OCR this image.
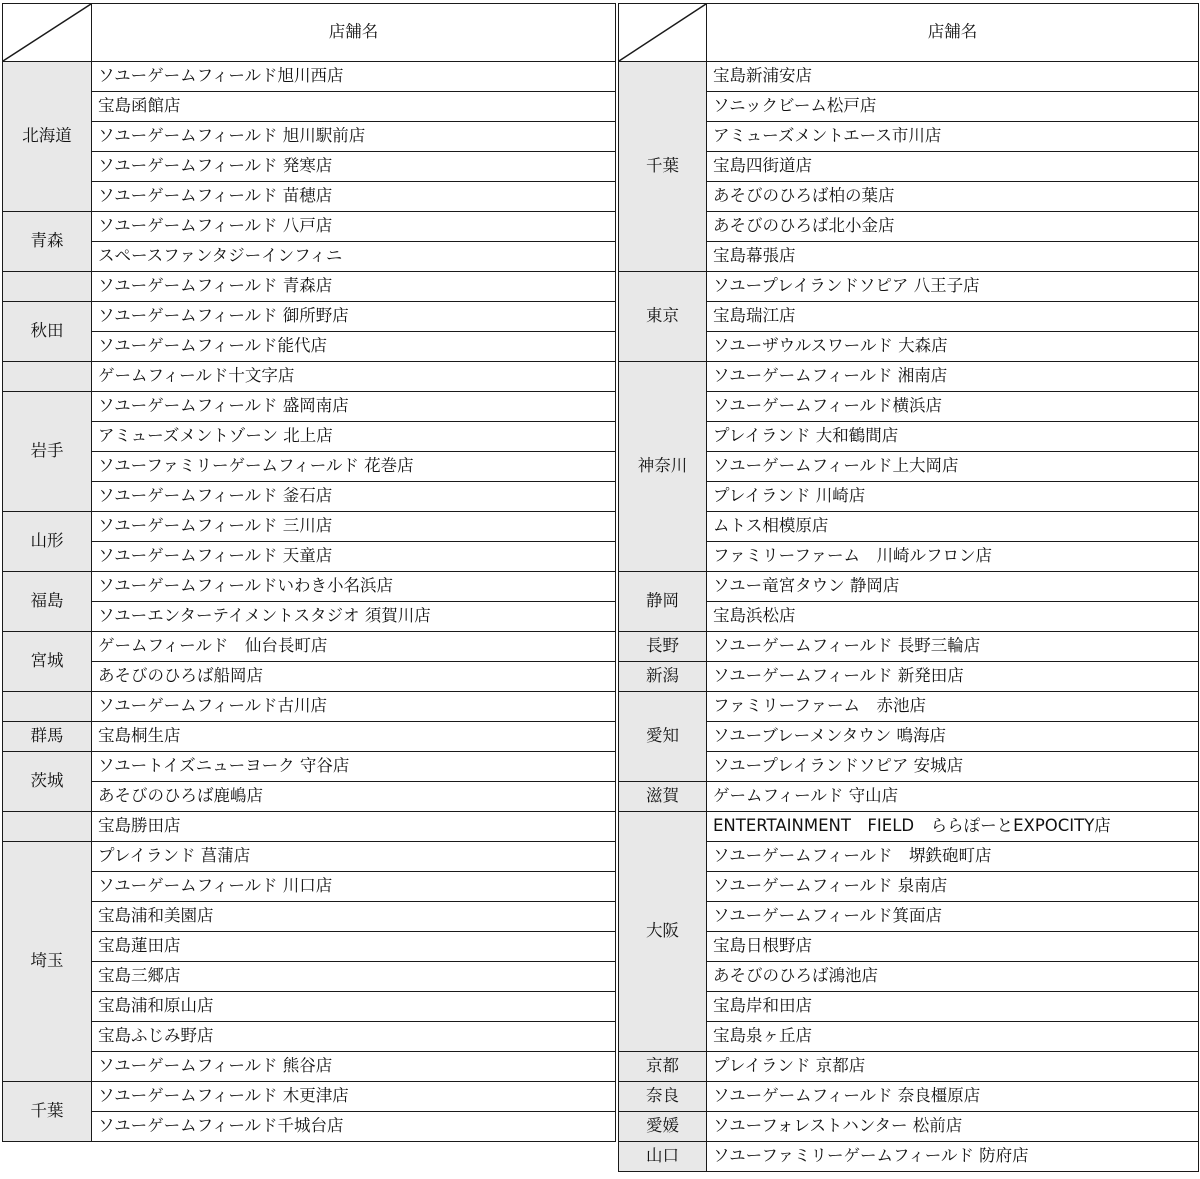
	店舗名
北海道	ソユーゲームフィールド旭川西店
	宝島函館店
	ソユーゲームフィールド 旭川駅前店
	ソユーゲームフィールド 発寒店
	ソユーゲームフィールド 苗穂店
青森	ソユーゲームフィールド 八戸店
	スペースファンタジーインフィニ
	ソユーゲームフィールド 青森店
秋田	ソユーゲームフィールド 御所野店
	ソユーゲームフィールド能代店
	ゲームフィールド十文字店
岩手	ソユーゲームフィールド 盛岡南店
	アミューズメントゾーン 北上店
	ソユーファミリーゲームフィールド 花巻店
	ソユーゲームフィールド 釜石店
山形	ソユーゲームフィールド 三川店
	ソユーゲームフィールド 天童店
福島	ソユーゲームフィールドいわき小名浜店
	ソユーエンターテイメントスタジオ 須賀川店
宮城	ゲームフィールド　仙台長町店
	あそびのひろば船岡店
	ソユーゲームフィールド古川店
群馬	宝島桐生店
茨城	ソユートイズニューヨーク 守谷店
	あそびのひろば鹿嶋店
	宝島勝田店
埼玉	プレイランド 菖蒲店
	ソユーゲームフィールド 川口店
	宝島浦和美園店
	宝島蓮田店
	宝島三郷店
	宝島浦和原山店
	宝島ふじみ野店
	ソユーゲームフィールド 熊谷店
千葉	ソユーゲームフィールド 木更津店
	ソユーゲームフィールド千城台店
	店舗名
千葉	宝島新浦安店
	ソニックビーム松戸店
	アミューズメントエース市川店
	宝島四街道店
	あそびのひろば柏の葉店
	あそびのひろば北小金店
	宝島幕張店
東京	ソユープレイランドソピア 八王子店
	宝島瑞江店
	ソユーザウルスワールド 大森店
神奈川	ソユーゲームフィールド 湘南店
	ソユーゲームフィールド横浜店
	プレイランド 大和鶴間店
	ソユーゲームフィールド上大岡店
	プレイランド 川崎店
	ムトス相模原店
	ファミリーファーム　川崎ルフロン店
静岡	ソユー竜宮タウン 静岡店
	宝島浜松店
長野	ソユーゲームフィールド 長野三輪店
新潟	ソユーゲームフィールド 新発田店
愛知	ファミリーファーム　赤池店
	ソユーブレーメンタウン 鳴海店
	ソユープレイランドソピア 安城店
滋賀	ゲームフィールド 守山店
大阪	ENTERTAINMENT　FIELD　ららぽーとEXPOCITY店
	ソユーゲームフィールド　堺鉄砲町店
	ソユーゲームフィールド 泉南店
	ソユーゲームフィールド箕面店
	宝島日根野店
	あそびのひろば鴻池店
	宝島岸和田店
	宝島泉ヶ丘店
京都	プレイランド 京都店
奈良	ソユーゲームフィールド 奈良橿原店
愛媛	ソユーフォレストハンター 松前店
山口	ソユーファミリーゲームフィールド 防府店
